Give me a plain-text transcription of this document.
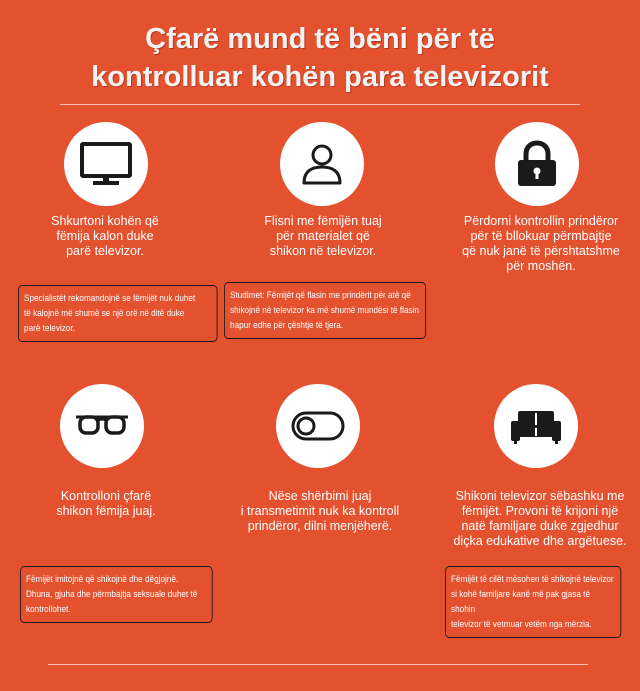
Çfarë mund të bëni për të
kontrolluar kohën para televizorit
Shkurtoni kohën që
fëmija kalon duke
parë televizor.
Specialistët rekomandojnë se fëmijët nuk duhet
të kalojnë më shumë se një orë në ditë duke
parë televizor.
Flisni me fëmijën tuaj
për materialet që
shikon në televizor.
Studimet: Fëmijët që flasin me prindërit për atë që
shikojnë në televizor ka më shumë mundësi të flasin
hapur edhe për çështje të tjera.
Përdorni kontrollin prindëror
për të bllokuar përmbajtje
që nuk janë të përshtatshme
për moshën.
Kontrolloni çfarë
shikon fëmija juaj.
Fëmijët imitojnë që shikojnë dhe dëgjojnë.
Dhuna, gjuha dhe përmbajtja seksuale duhet të
kontrollohet.
Nëse shërbimi juaj
i transmetimit nuk ka kontroll
prindëror, dilni menjëherë.
Shikoni televizor sëbashku me
fëmijët. Provoni të krijoni një
natë familjare duke zgjedhur
diçka edukative dhe argëtuese.
Fëmijët të cilët mësohen të shikojnë televizor
si kohë familjare kanë më pak gjasa të shohin
televizor të vetmuar vetëm nga mërzia.
